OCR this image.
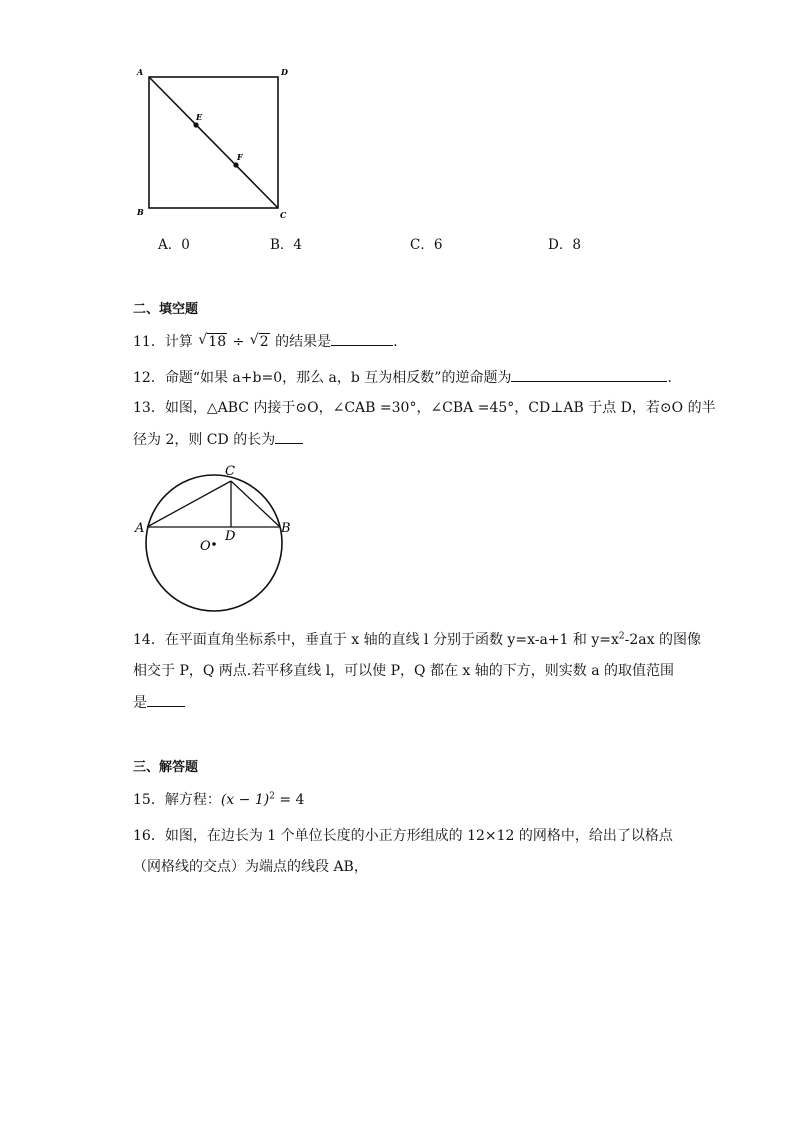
A	D
B	C
E
F
A．0	B．4	C．6	D．8
二、填空题
11．计算 √ 18 ÷ √ 2 的结果是	.
12．命题“如果 a+b=0，那么 a，b 互为相反数”的逆命题为	.
13．如图，△ABC 内接于⊙O，∠CAB =30°，∠CBA =45°，CD⊥AB 于点 D，若⊙O 的半
径为 2，则 CD 的长为
A	B
C
D
O
14．在平面直角坐标系中，垂直于 x 轴的直线 l 分别于函数 y=x-a+1 和 $y=x^2-2ax$ 的图像
相交于 P，Q 两点.若平移直线 l，可以使 P，Q 都在 x 轴的下方，则实数 a 的取值范围
是
三、解答题
15．解方程：$(x - 1)^2 = 4$
16．如图，在边长为 1 个单位长度的小正方形组成的 12×12 的网格中，给出了以格点
（网格线的交点）为端点的线段 AB，
